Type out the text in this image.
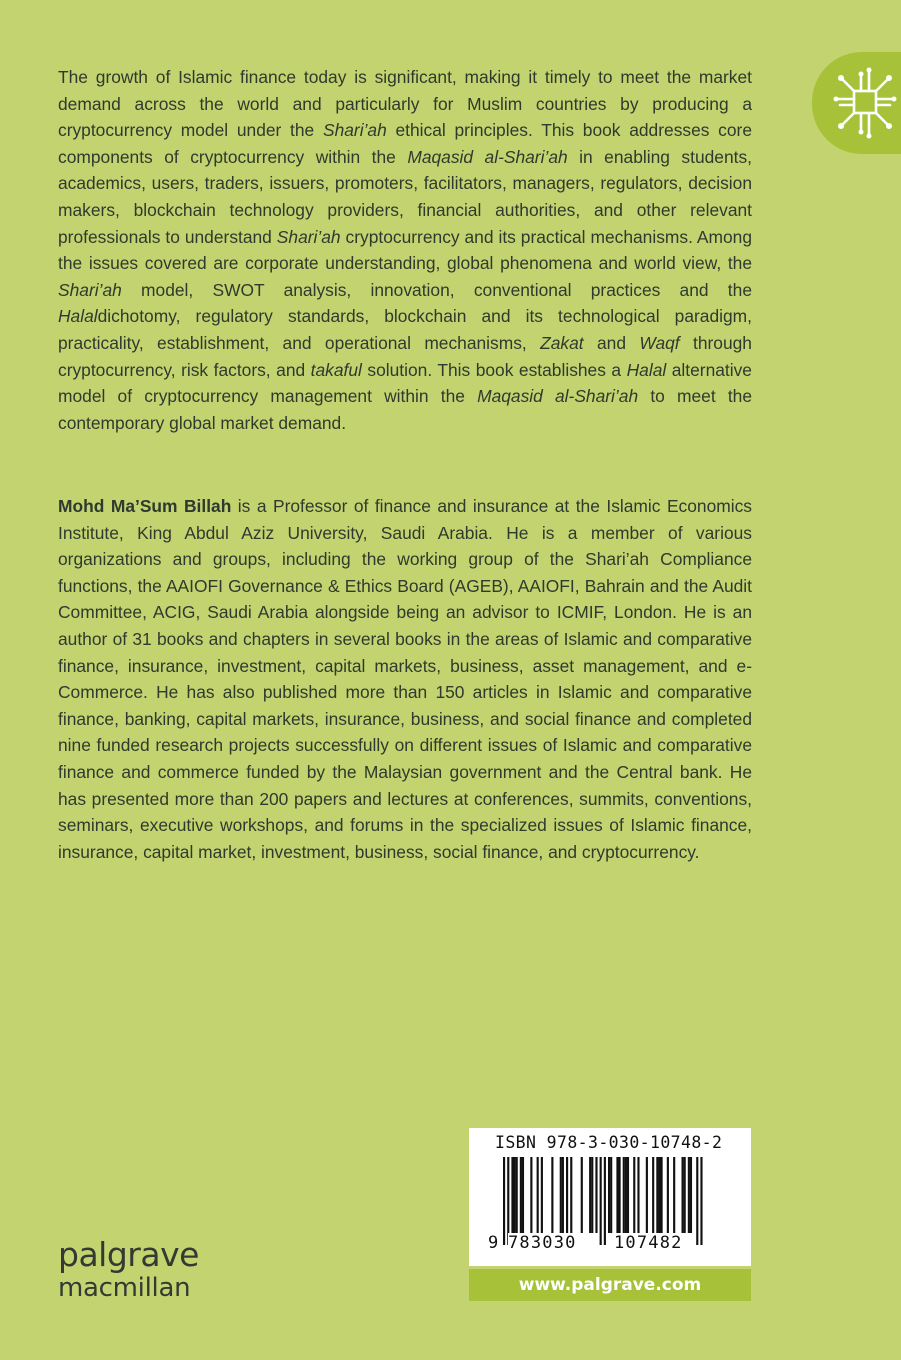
The growth of Islamic finance today is significant, making it timely to meet the market demand across the world and particularly for Muslim countries by producing a cryptocurrency model under the Shari’ah ethical principles. This book addresses core components of cryptocurrency within the Maqasid al-Shari’ah in enabling students, academics, users, traders, issuers, promoters, facilitators, managers, regulators, decision makers, blockchain technology providers, financial authorities, and other relevant professionals to understand Shari’ah cryptocurrency and its practical mechanisms. Among the issues covered are corporate understanding, global phenomena and world view, the Shari’ah model, SWOT analysis, innovation, conventional practices and the Halaldichotomy, regulatory standards, blockchain and its technological paradigm, practicality, establishment, and operational mechanisms, Zakat and Waqf through cryptocurrency, risk factors, and takaful solution. This book establishes a Halal alternative model of cryptocurrency management within the Maqasid al-Shari’ah to meet the contemporary global market demand.

Mohd Ma’Sum Billah is a Professor of finance and insurance at the Islamic Economics Institute, King Abdul Aziz University, Saudi Arabia. He is a member of various organizations and groups, including the working group of the Shari’ah Compliance functions, the AAIOFI Governance & Ethics Board (AGEB), AAIOFI, Bahrain and the Audit Committee, ACIG, Saudi Arabia alongside being an advisor to ICMIF, London. He is an author of 31 books and chapters in several books in the areas of Islamic and comparative finance, insurance, investment, capital markets, business, asset management, and e-Commerce. He has also published more than 150 articles in Islamic and comparative finance, banking, capital markets, insurance, business, and social finance and completed nine funded research projects successfully on different issues of Islamic and comparative finance and commerce funded by the Malaysian government and the Central bank. He has presented more than 200 papers and lectures at conferences, summits, conventions, seminars, executive workshops, and forums in the specialized issues of Islamic finance, insurance, capital market, investment, business, social finance, and cryptocurrency.

palgrave
macmillan
ISBN 978-3-030-10748-2
9 783030 107482
www.palgrave.com
